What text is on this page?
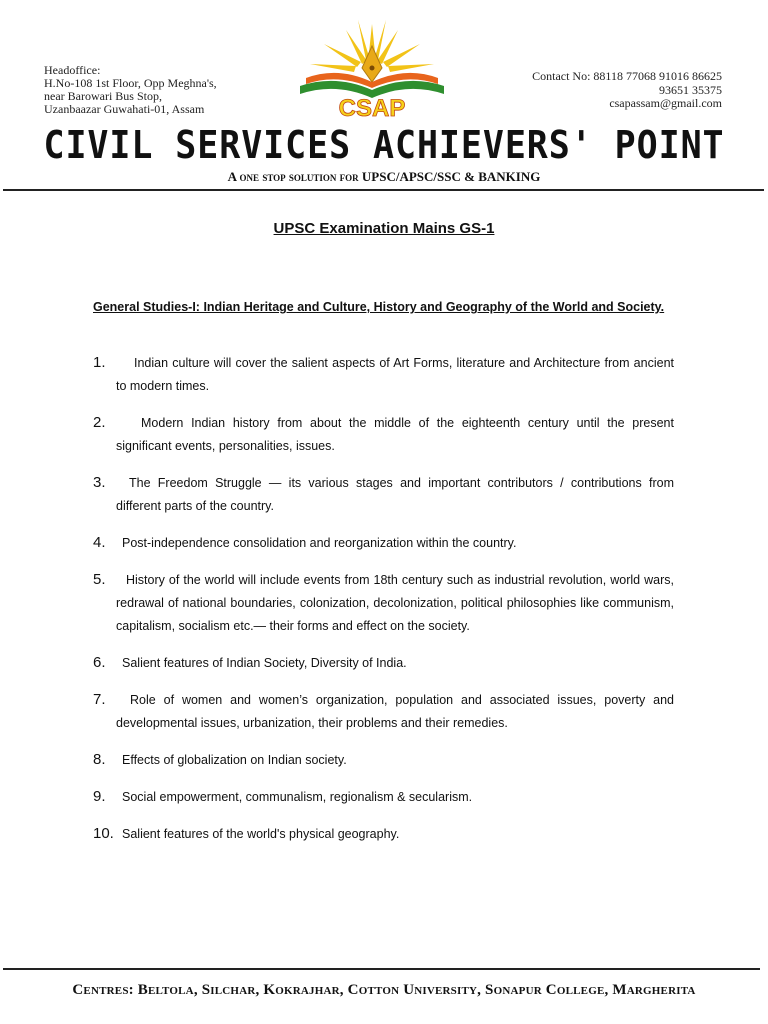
Headoffice:
H.No-108 1st Floor, Opp Meghna's,
near Barowari Bus Stop,
Uzanbaazar Guwahati-01, Assam	CSAP
Contact No: 88118 77068 91016 86625
93651 35375
csapassam@gmail.com
CIVIL SERVICES ACHIEVERS' POINT
A one stop solution for UPSC/APSC/SSC & BANKING
UPSC Examination Mains GS-1
General Studies-I: Indian Heritage and Culture, History and Geography of the World and Society.
1.	Indian culture will cover the salient aspects of Art Forms, literature and Architecture from ancient to modern times.
2.	Modern Indian history from about the middle of the eighteenth century until the present significant events, personalities, issues.
3.	The Freedom Struggle — its various stages and important contributors / contributions from different parts of the country.
4.	Post-independence consolidation and reorganization within the country.
5.	History of the world will include events from 18th century such as industrial revolution, world wars, redrawal of national boundaries, colonization, decolonization, political philosophies like communism, capitalism, socialism etc.— their forms and effect on the society.
6.	Salient features of Indian Society, Diversity of India.
7.	Role of women and women’s organization, population and associated issues, poverty and developmental issues, urbanization, their problems and their remedies.
8.	Effects of globalization on Indian society.
9.	Social empowerment, communalism, regionalism & secularism.
10. Salient features of the world's physical geography.
Centres: Beltola, Silchar, Kokrajhar, Cotton University, Sonapur College, Margherita
